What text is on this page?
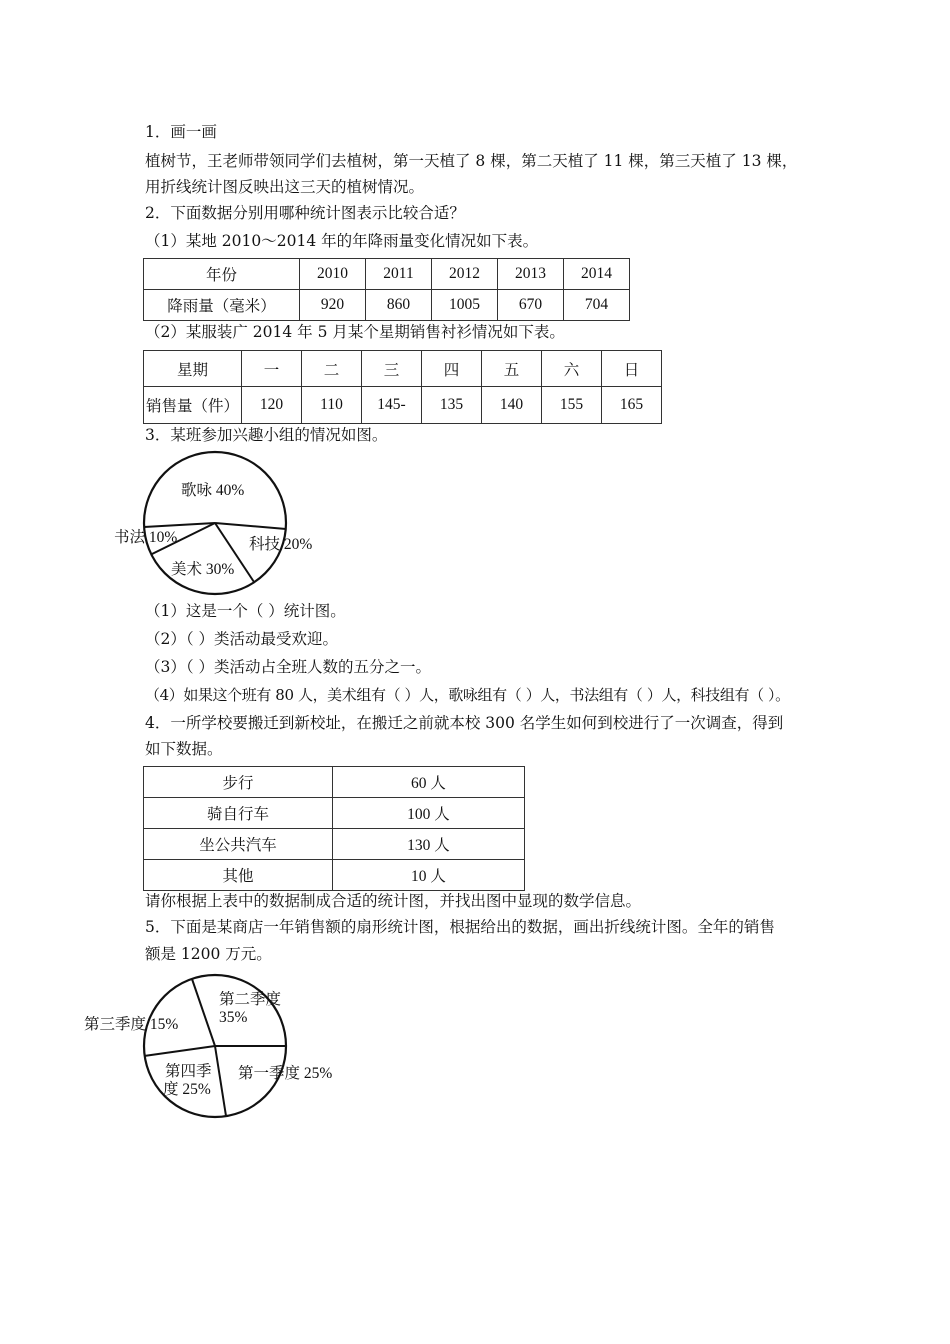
1．画一画
植树节，王老师带领同学们去植树，第一天植了 8 棵，第二天植了 11 棵，第三天植了 13 棵，
用折线统计图反映出这三天的植树情况。
2．下面数据分别用哪种统计图表示比较合适？
（1）某地 2010～2014 年的年降雨量变化情况如下表。
年份	2010	2011	2012	2013	2014
降雨量（毫米）	920	860	1005	670	704
（2）某服装广 2014 年 5 月某个星期销售衬衫情况如下表。
星期	一	二	三	四	五	六	日
销售量（件）	120	110	145-	135	140	155	165
3．某班参加兴趣小组的情况如图。
歌咏 40%
科技 20%
美术 30%
书法 10%
第二季度
35%
第一季度 25%
第三季度 15%
第四季
度 25%
（1）这是一个（ ）统计图。
（2）（ ）类活动最受欢迎。
（3）（ ）类活动占全班人数的五分之一。
（4）如果这个班有 80 人，美术组有（ ）人，歌咏组有（ ）人，书法组有（ ）人，科技组有（ ）。
4．一所学校要搬迁到新校址，在搬迁之前就本校 300 名学生如何到校进行了一次调查，得到
如下数据。
步行	60 人
骑自行车	100 人
坐公共汽车	130 人
其他	10 人
请你根据上表中的数据制成合适的统计图，并找出图中显现的数学信息。
5．下面是某商店一年销售额的扇形统计图，根据给出的数据，画出折线统计图。全年的销售
额是 1200 万元。
